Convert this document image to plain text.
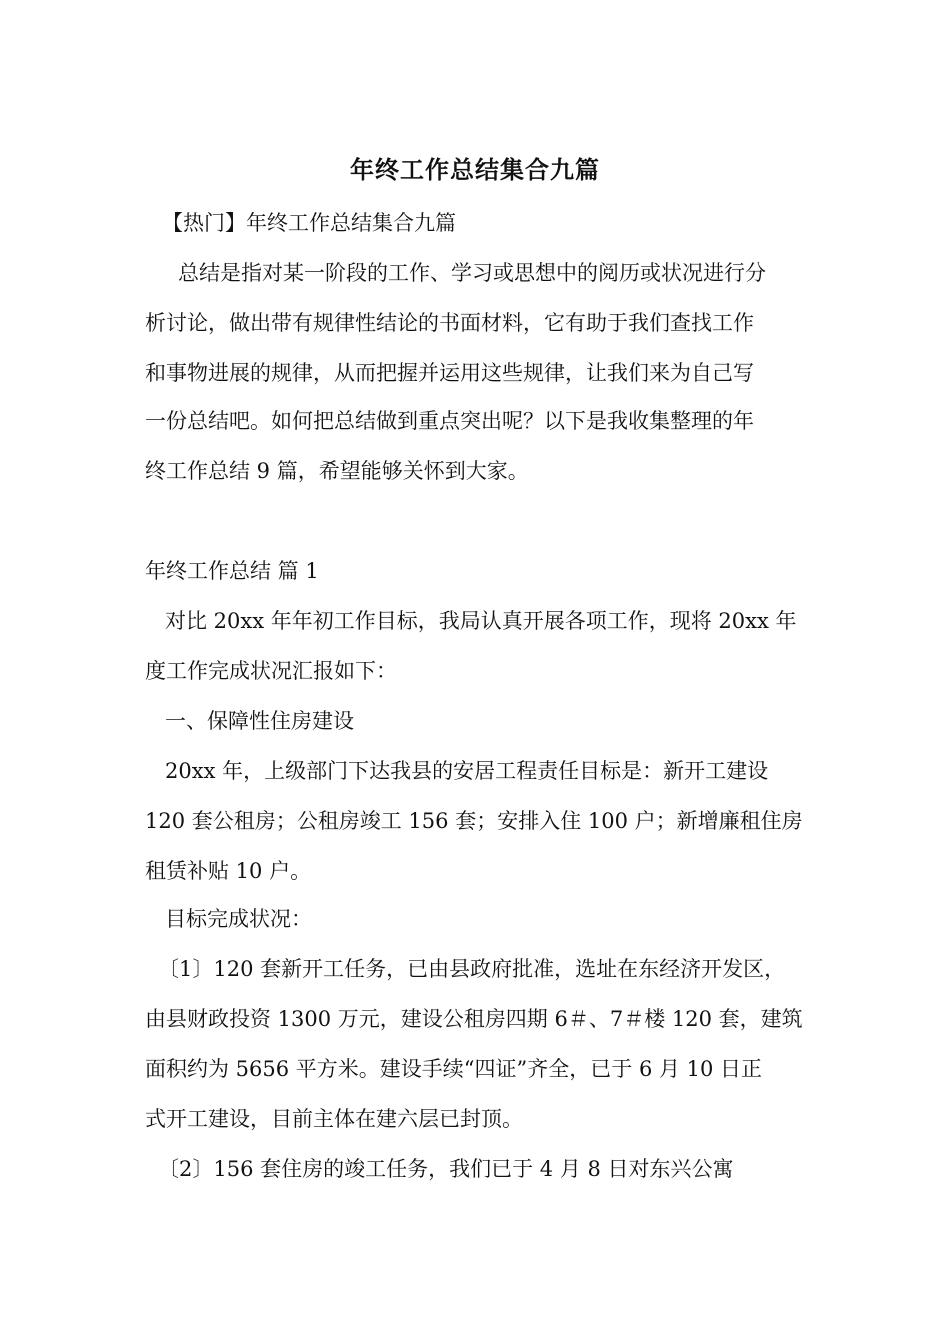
年终工作总结集合九篇
【热门】年终工作总结集合九篇
总结是指对某一阶段的工作、学习或思想中的阅历或状况进行分
析讨论，做出带有规律性结论的书面材料，它有助于我们查找工作
和事物进展的规律，从而把握并运用这些规律，让我们来为自己写
一份总结吧。如何把总结做到重点突出呢？以下是我收集整理的年
终工作总结 9 篇，希望能够关怀到大家。
年终工作总结 篇 1
对比 20xx 年年初工作目标，我局认真开展各项工作，现将 20xx 年
度工作完成状况汇报如下：
一、保障性住房建设
20xx 年，上级部门下达我县的安居工程责任目标是：新开工建设
120 套公租房；公租房竣工 156 套；安排入住 100 户；新增廉租住房
租赁补贴 10 户。
目标完成状况：
〔1〕120 套新开工任务，已由县政府批准，选址在东经济开发区，
由县财政投资 1300 万元，建设公租房四期 6＃、7＃楼 120 套，建筑
面积约为 5656 平方米。建设手续“四证”齐全，已于 6 月 10 日正
式开工建设，目前主体在建六层已封顶。
〔2〕156 套住房的竣工任务，我们已于 4 月 8 日对东兴公寓
